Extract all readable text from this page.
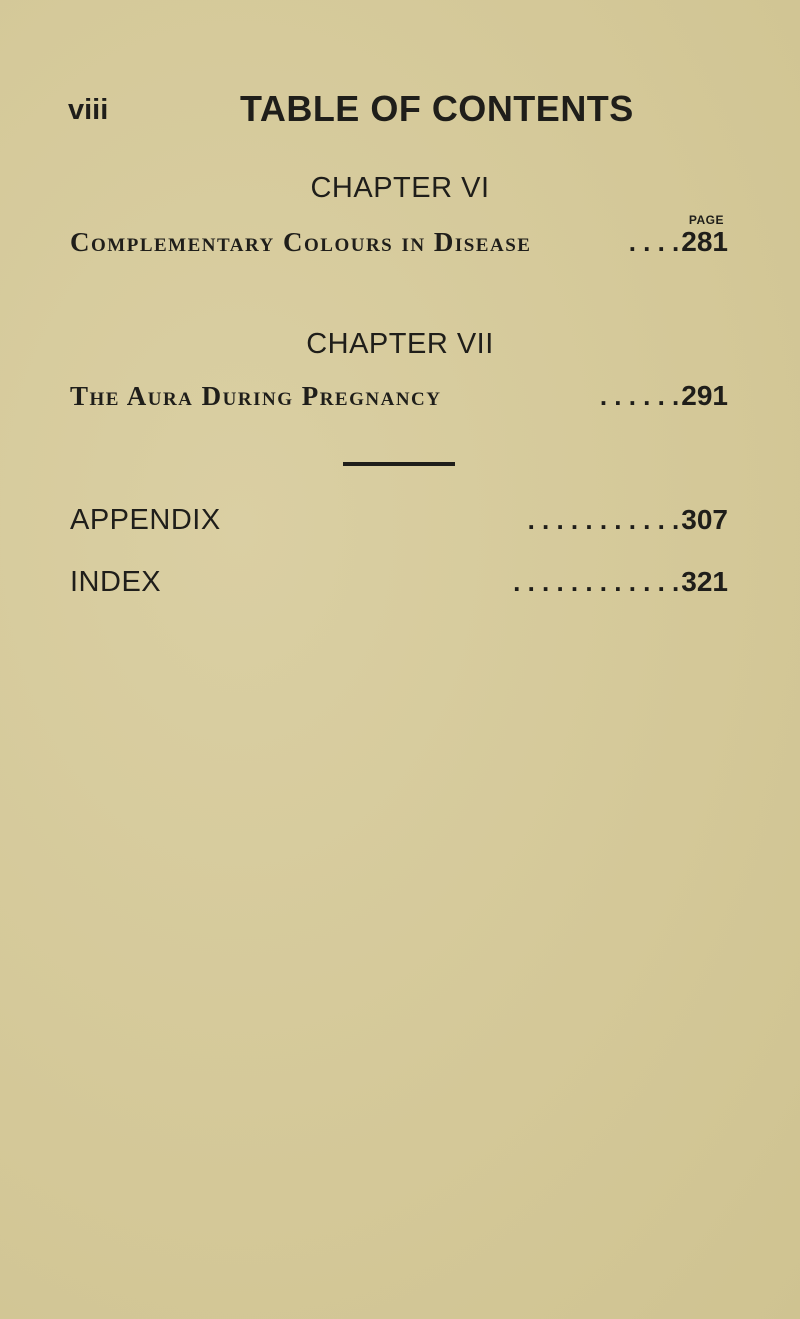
viii	TABLE OF CONTENTS
CHAPTER VI
PAGE
Complementary Colours in Disease	. . . . 281
CHAPTER VII
The Aura During Pregnancy	. . . . . . 291
APPENDIX	. . . . . . . . . . . 307
INDEX	. . . . . . . . . . . . 321
